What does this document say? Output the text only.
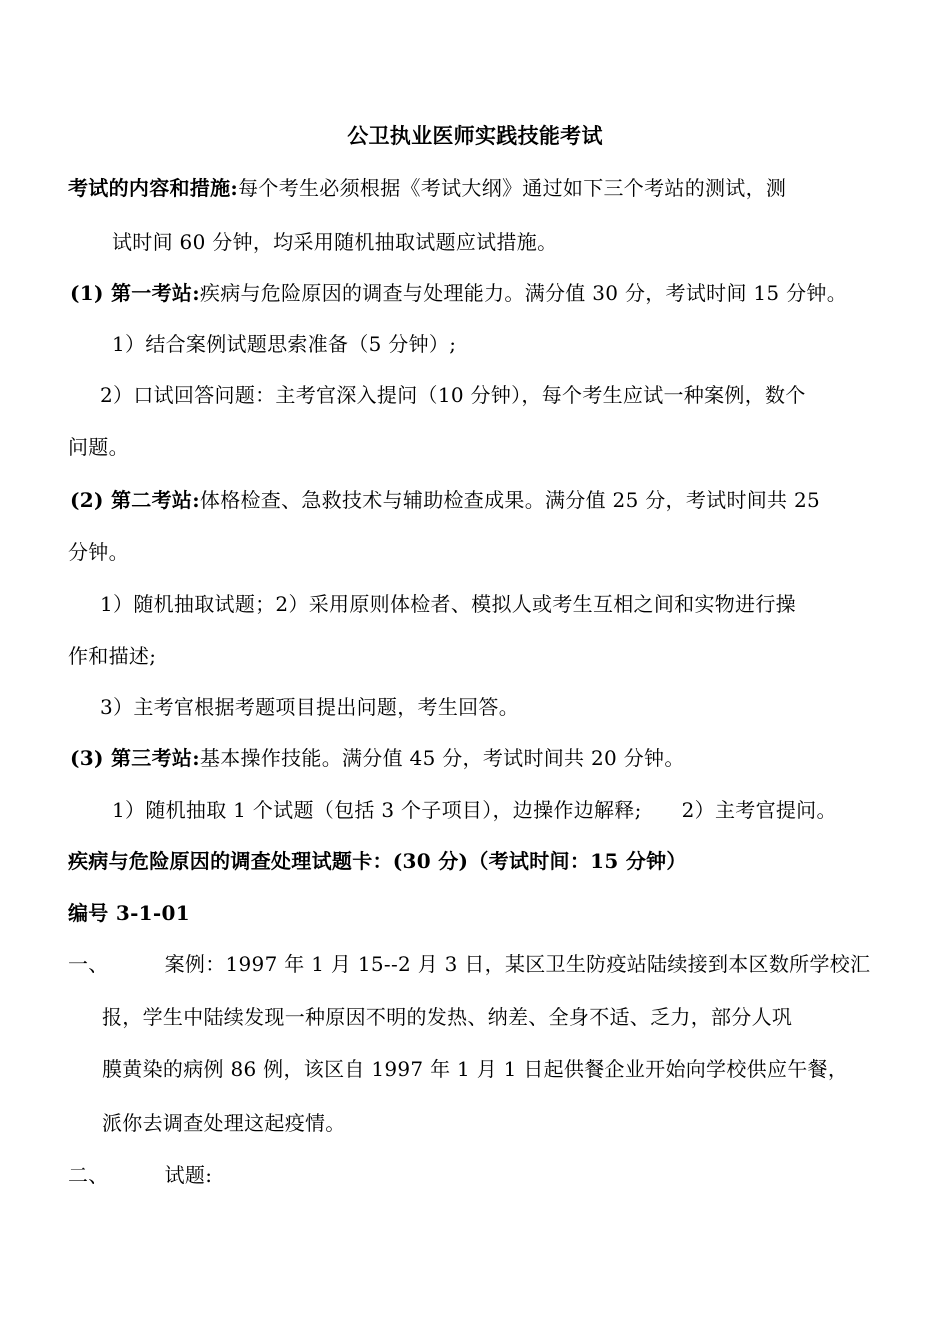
公卫执业医师实践技能考试
考试的内容和措施:每个考生必须根据《考试大纲》通过如下三个考站的测试，测
试时间 60 分钟，均采用随机抽取试题应试措施。
(1) 第一考站:疾病与危险原因的调查与处理能力。满分值 30 分，考试时间 15 分钟。
1）结合案例试题思索准备（5 分钟）;
2）口试回答问题：主考官深入提问（10 分钟），每个考生应试一种案例，数个
问题。
(2) 第二考站:体格检查、急救技术与辅助检查成果。满分值 25 分，考试时间共 25
分钟。
1）随机抽取试题；2）采用原则体检者、模拟人或考生互相之间和实物进行操
作和描述;
3）主考官根据考题项目提出问题，考生回答。
(3) 第三考站:基本操作技能。满分值 45 分，考试时间共 20 分钟。
1）随机抽取 1 个试题（包括 3 个子项目），边操作边解释; 2）主考官提问。
疾病与危险原因的调查处理试题卡：(30 分)（考试时间：15 分钟）
编号 3-1-01
一、	案例：1997 年 1 月 15--2 月 3 日，某区卫生防疫站陆续接到本区数所学校汇
报，学生中陆续发现一种原因不明的发热、纳差、全身不适、乏力，部分人巩
膜黄染的病例 86 例，该区自 1997 年 1 月 1 日起供餐企业开始向学校供应午餐，
派你去调查处理这起疫情。
二、	试题:
